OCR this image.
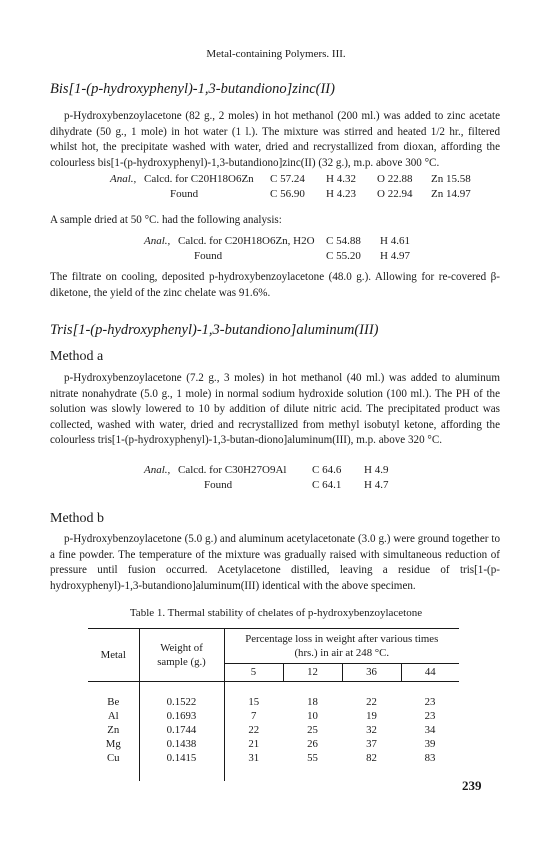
Metal-containing Polymers. III.
Bis[1-(p-hydroxyphenyl)-1,3-butandiono]zinc(II)
p-Hydroxybenzoylacetone (82 g., 2 moles) in hot methanol (200 ml.) was added to zinc acetate dihydrate (50 g., 1 mole) in hot water (1 l.). The mixture was stirred and heated 1/2 hr., filtered whilst hot, the precipitate washed with water, dried and recrystallized from dioxan, affording the colourless bis[1-(p-hydroxyphenyl)-1,3-butandiono]zinc(II) (32 g.), m.p. above 300 °C.
Anal., Calcd. for C20H18O6Zn C 57.24 H 4.32 O 22.88 Zn 15.58
Found	C 56.90 H 4.23 O 22.94 Zn 14.97
A sample dried at 50 °C. had the following analysis:
Anal., Calcd. for C20H18O6Zn, H2O C 54.88 H 4.61
Found	C 55.20 H 4.97
The filtrate on cooling, deposited p-hydroxybenzoylacetone (48.0 g.). Allowing for re-covered β-diketone, the yield of the zinc chelate was 91.6%.
Tris[1-(p-hydroxyphenyl)-1,3-butandiono]aluminum(III)
Method a
p-Hydroxybenzoylacetone (7.2 g., 3 moles) in hot methanol (40 ml.) was added to aluminum nitrate nonahydrate (5.0 g., 1 mole) in normal sodium hydroxide solution (100 ml.). The PH of the solution was slowly lowered to 10 by addition of dilute nitric acid. The precipitated product was collected, washed with water, dried and recrystallized from methyl isobutyl ketone, affording the colourless tris[1-(p-hydroxyphenyl)-1,3-butan-diono]aluminum(III), m.p. above 320 °C.
Anal., Calcd. for C30H27O9Al C 64.6 H 4.9
Found	C 64.1 H 4.7
Method b
p-Hydroxybenzoylacetone (5.0 g.) and aluminum acetylacetonate (3.0 g.) were ground together to a fine powder. The temperature of the mixture was gradually raised with simultaneous reduction of pressure until fusion occurred. Acetylacetone distilled, leaving a residue of tris[1-(p-hydroxyphenyl)-1,3-butandiono]aluminum(III) identical with the above specimen.
Table 1. Thermal stability of chelates of p-hydroxybenzoylacetone
Metal	Weight of sample (g.)	Percentage loss in weight after various times (hrs.) in air at 248 °C.			
		5	12	36	44

Be	0.1522	15	18	22	23
Al	0.1693	7	10	19	23
Zn	0.1744	22	25	32	34
Mg	0.1438	21	26	37	39
Cu	0.1415	31	55	82	83

239
